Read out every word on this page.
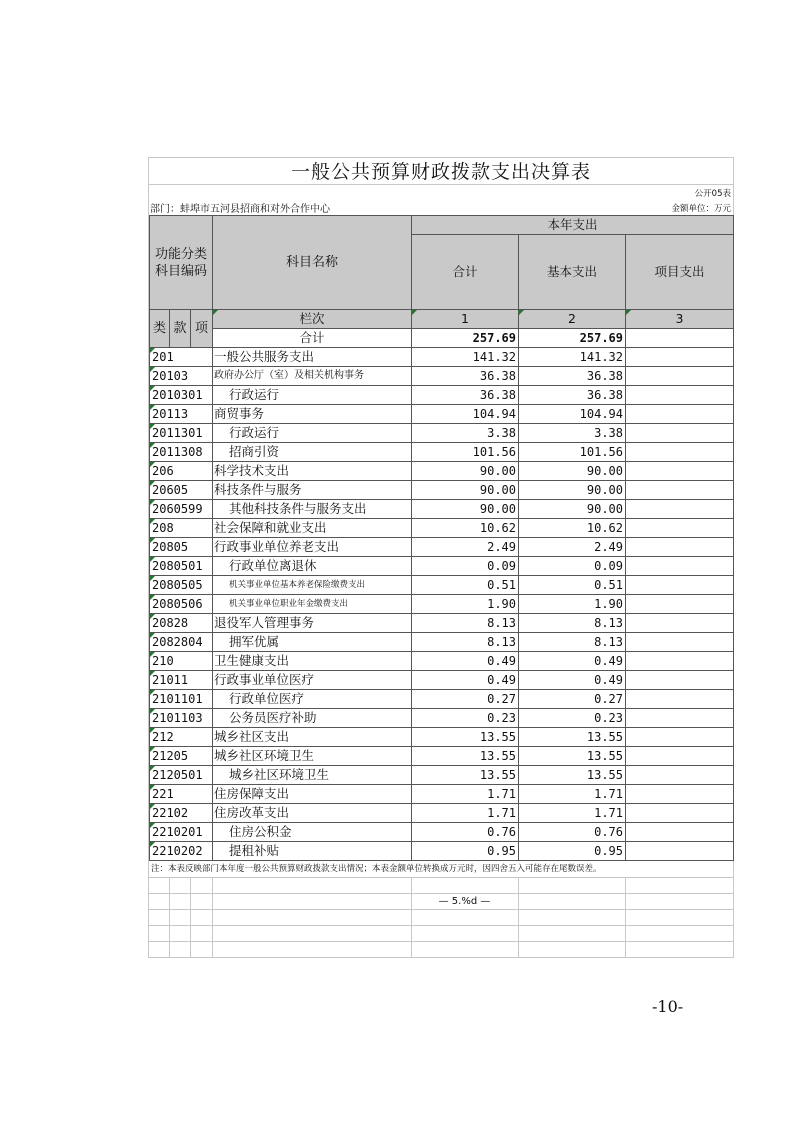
一般公共预算财政拨款支出决算表
公开05表
部门：蚌埠市五河县招商和对外合作中心	金额单位：万元
功能分类
科目编码			科目名称	本年支出		
				合计	基本支出	项目支出

类	款	项	栏次	1	2	3
			合计	257.69	257.69	
201			一般公共服务支出	141.32	141.32	
20103			政府办公厅（室）及相关机构事务	36.38	36.38	
2010301			行政运行	36.38	36.38	
20113			商贸事务	104.94	104.94	
2011301			行政运行	3.38	3.38	
2011308			招商引资	101.56	101.56	
206			科学技术支出	90.00	90.00	
20605			科技条件与服务	90.00	90.00	
2060599			其他科技条件与服务支出	90.00	90.00	
208			社会保障和就业支出	10.62	10.62	
20805			行政事业单位养老支出	2.49	2.49	
2080501			行政单位离退休	0.09	0.09	
2080505			机关事业单位基本养老保险缴费支出	0.51	0.51	
2080506			机关事业单位职业年金缴费支出	1.90	1.90	
20828			退役军人管理事务	8.13	8.13	
2082804			拥军优属	8.13	8.13	
210			卫生健康支出	0.49	0.49	
21011			行政事业单位医疗	0.49	0.49	
2101101			行政单位医疗	0.27	0.27	
2101103			公务员医疗补助	0.23	0.23	
212			城乡社区支出	13.55	13.55	
21205			城乡社区环境卫生	13.55	13.55	
2120501			城乡社区环境卫生	13.55	13.55	
221			住房保障支出	1.71	1.71	
22102			住房改革支出	1.71	1.71	
2210201			住房公积金	0.76	0.76	
2210202			提租补贴	0.95	0.95	
注：本表反映部门本年度一般公共预算财政拨款支出情况；本表金额单位转换成万元时，因四舍五入可能存在尾数误差。

				— 5.%d —		

-10-
